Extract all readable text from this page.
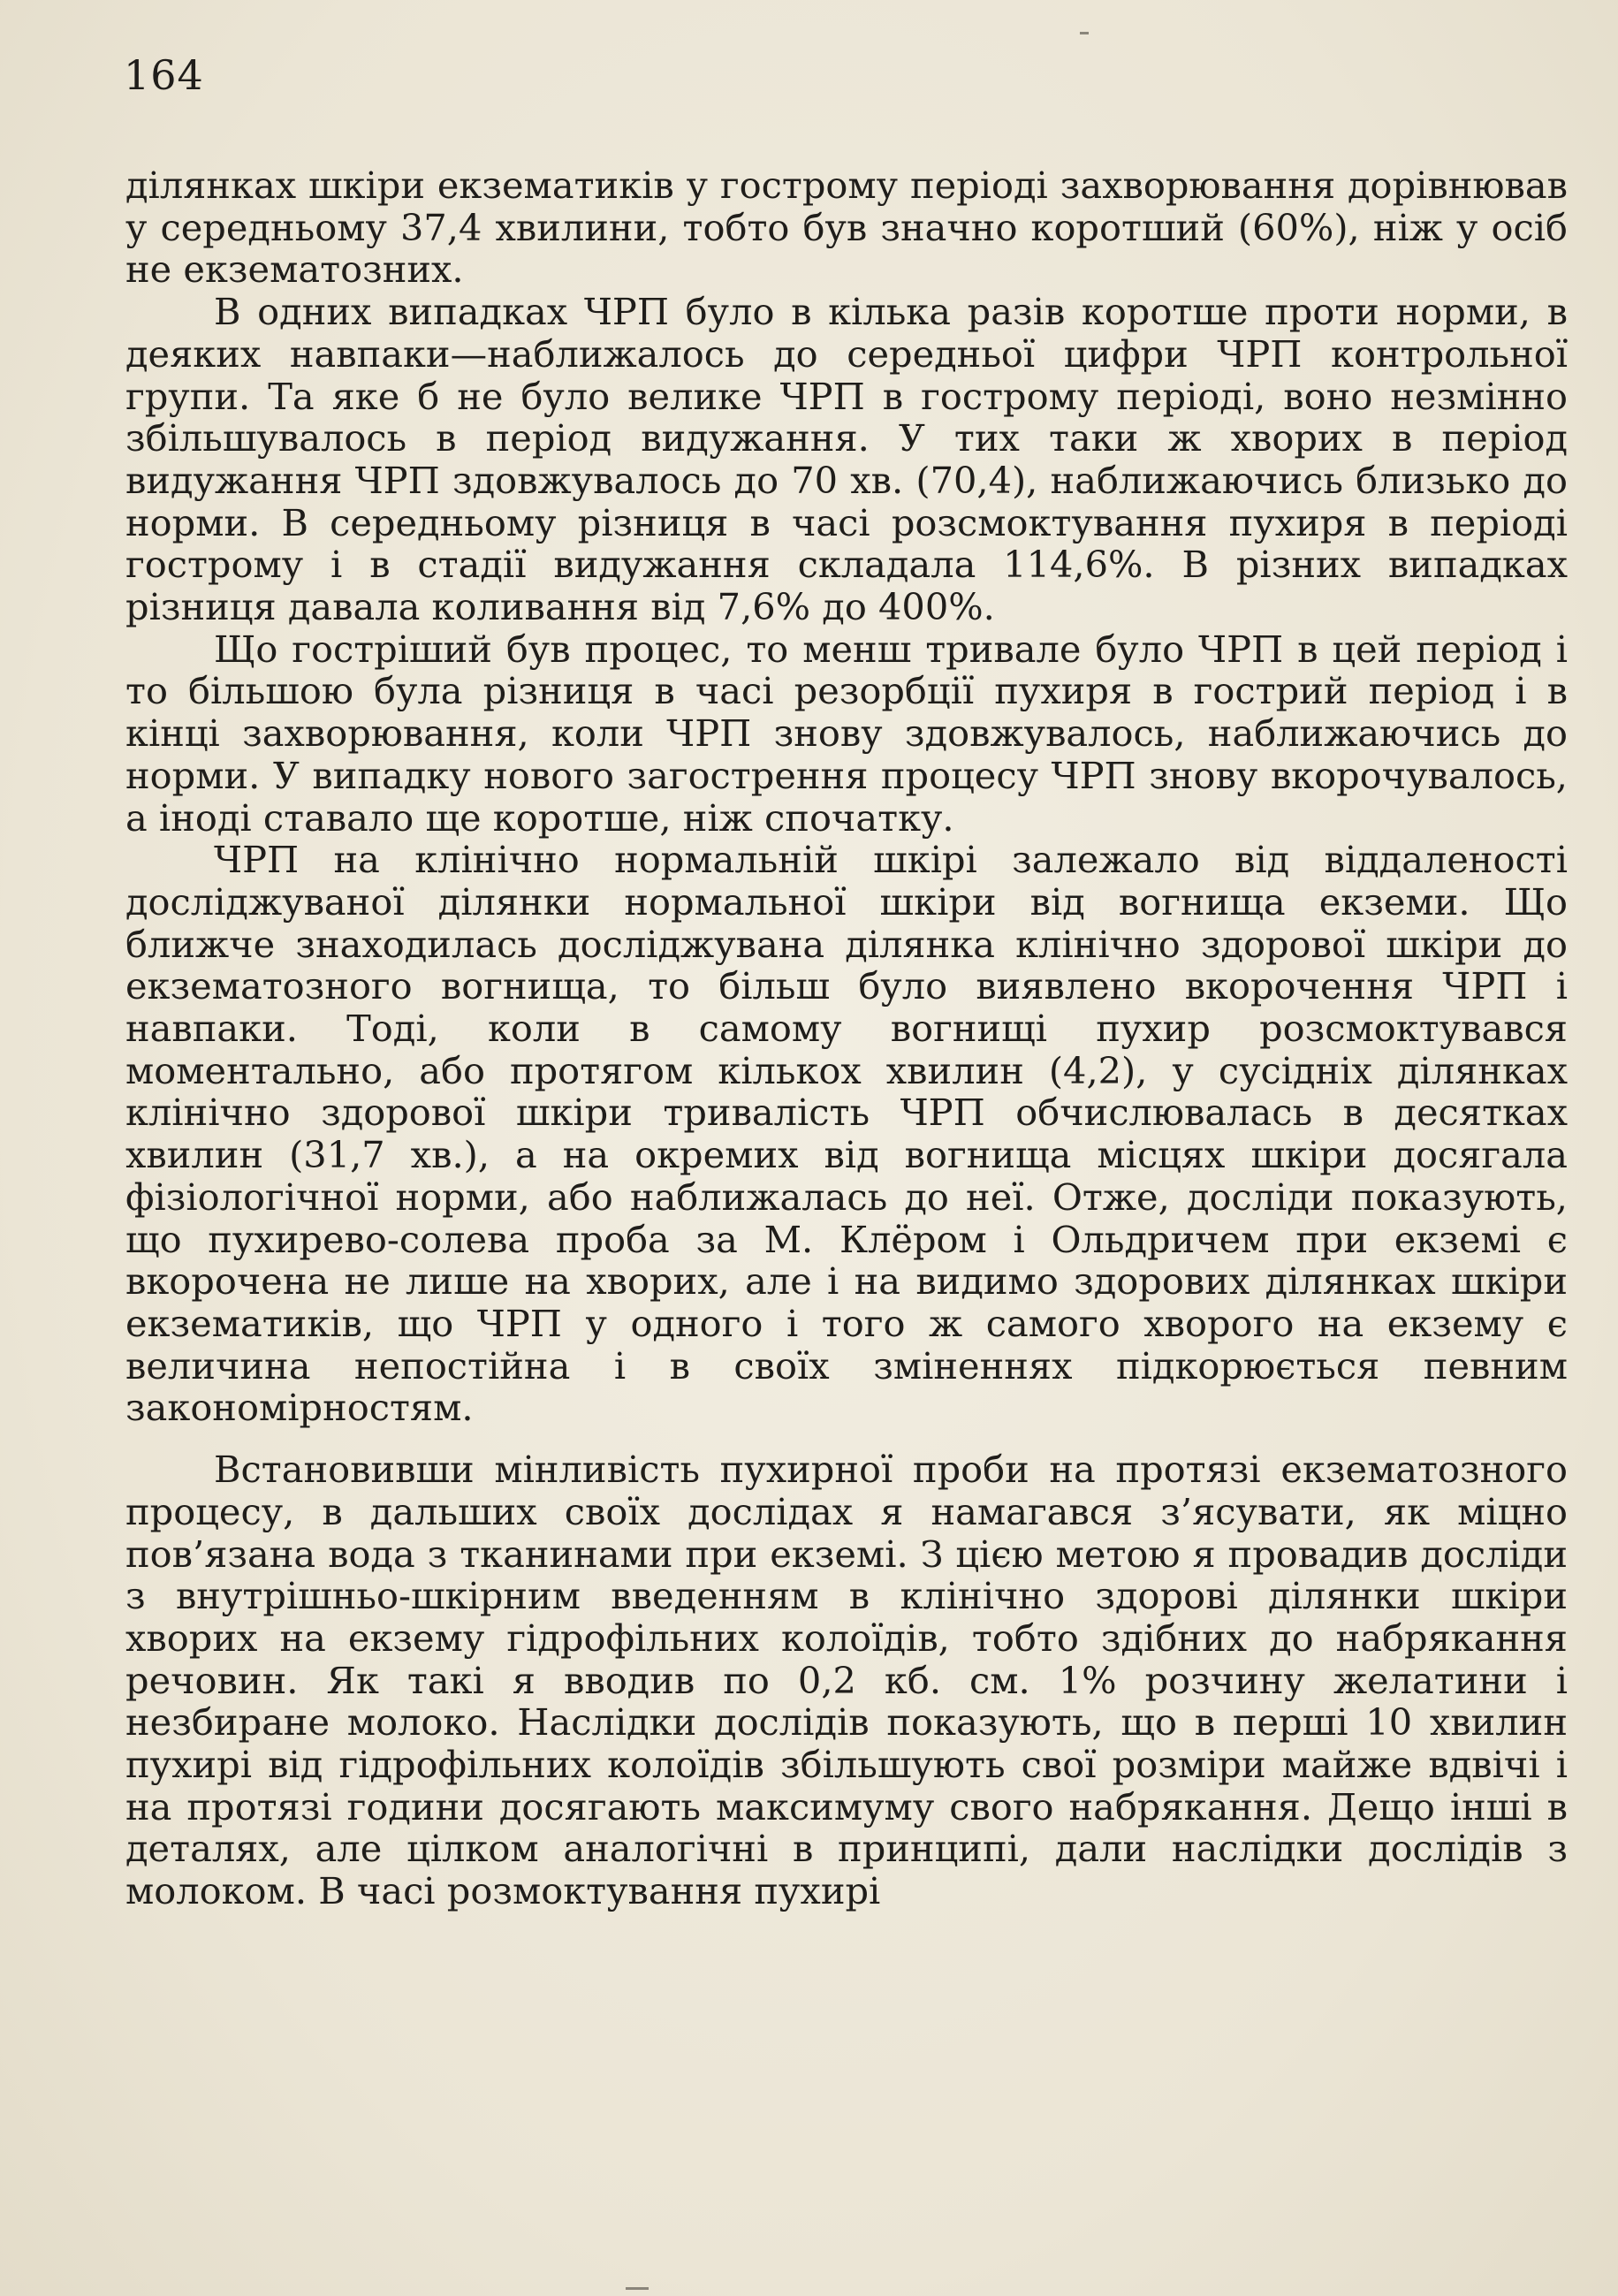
164

ділянках шкіри екзематиків у гострому періоді захворювання дорівнював у середньому 37,4 хвилини, тобто був значно коротший (60%), ніж у осіб не екзематозних.

В одних випадках ЧРП було в кілька разів коротше проти норми, в деяких навпаки—наближалось до середньої цифри ЧРП контрольної групи. Та яке б не було велике ЧРП в гострому періоді, воно незмінно збільшувалось в період видужання. У тих таки ж хворих в період видужання ЧРП здовжувалось до 70 хв. (70,4), наближаючись близько до норми. В середньому різниця в часі розсмоктування пухиря в періоді гострому і в стадії видужання складала 114,6%. В різних випадках різниця давала коливання від 7,6% до 400%.

Що гостріший був процес, то менш тривале було ЧРП в цей період і то більшою була різниця в часі резорбції пухиря в гострий період і в кінці захворювання, коли ЧРП знову здовжувалось, наближаючись до норми. У випадку нового загострення процесу ЧРП знову вкорочувалось, а іноді ставало ще коротше, ніж спочатку.

ЧРП на клінічно нормальній шкірі залежало від віддаленості досліджуваної ділянки нормальної шкіри від вогнища екземи. Що ближче знаходилась досліджувана ділянка клінічно здорової шкіри до екзематозного вогнища, то більш було виявлено вкорочення ЧРП і навпаки. Тоді, коли в самому вогнищі пухир розсмоктувався моментально, або протягом кількох хвилин (4,2), у сусідніх ділянках клінічно здорової шкіри тривалість ЧРП обчислювалась в десятках хвилин (31,7 хв.), а на окремих від вогнища місцях шкіри досягала фізіологічної норми, або наближалась до неї. Отже, досліди показують, що пухирево-солева проба за М. Клёром і Ольдричем при екземі є вкорочена не лише на хворих, але і на видимо здорових ділянках шкіри екзематиків, що ЧРП у одного і того ж самого хворого на екзему є величина непостійна і в своїх зміненнях підкорюється певним закономірностям.

Встановивши мінливість пухирної проби на протязі екзематозного процесу, в дальших своїх дослідах я намагався з’ясувати, як міцно пов’язана вода з тканинами при екземі. З цією метою я провадив досліди з внутрішньо-шкірним введенням в клінічно здорові ділянки шкіри хворих на екзему гідрофільних колоїдів, тобто здібних до набрякання речовин. Як такі я вводив по 0,2 кб. см. 1% розчину желатини і незбиране молоко. Наслідки дослідів показують, що в перші 10 хвилин пухирі від гідрофільних колоїдів збільшують свої розміри майже вдвічі і на протязі години досягають максимуму свого набрякання. Дещо інші в деталях, але цілком аналогічні в принципі, дали наслідки дослідів з молоком. В часі розмоктування пухирі
